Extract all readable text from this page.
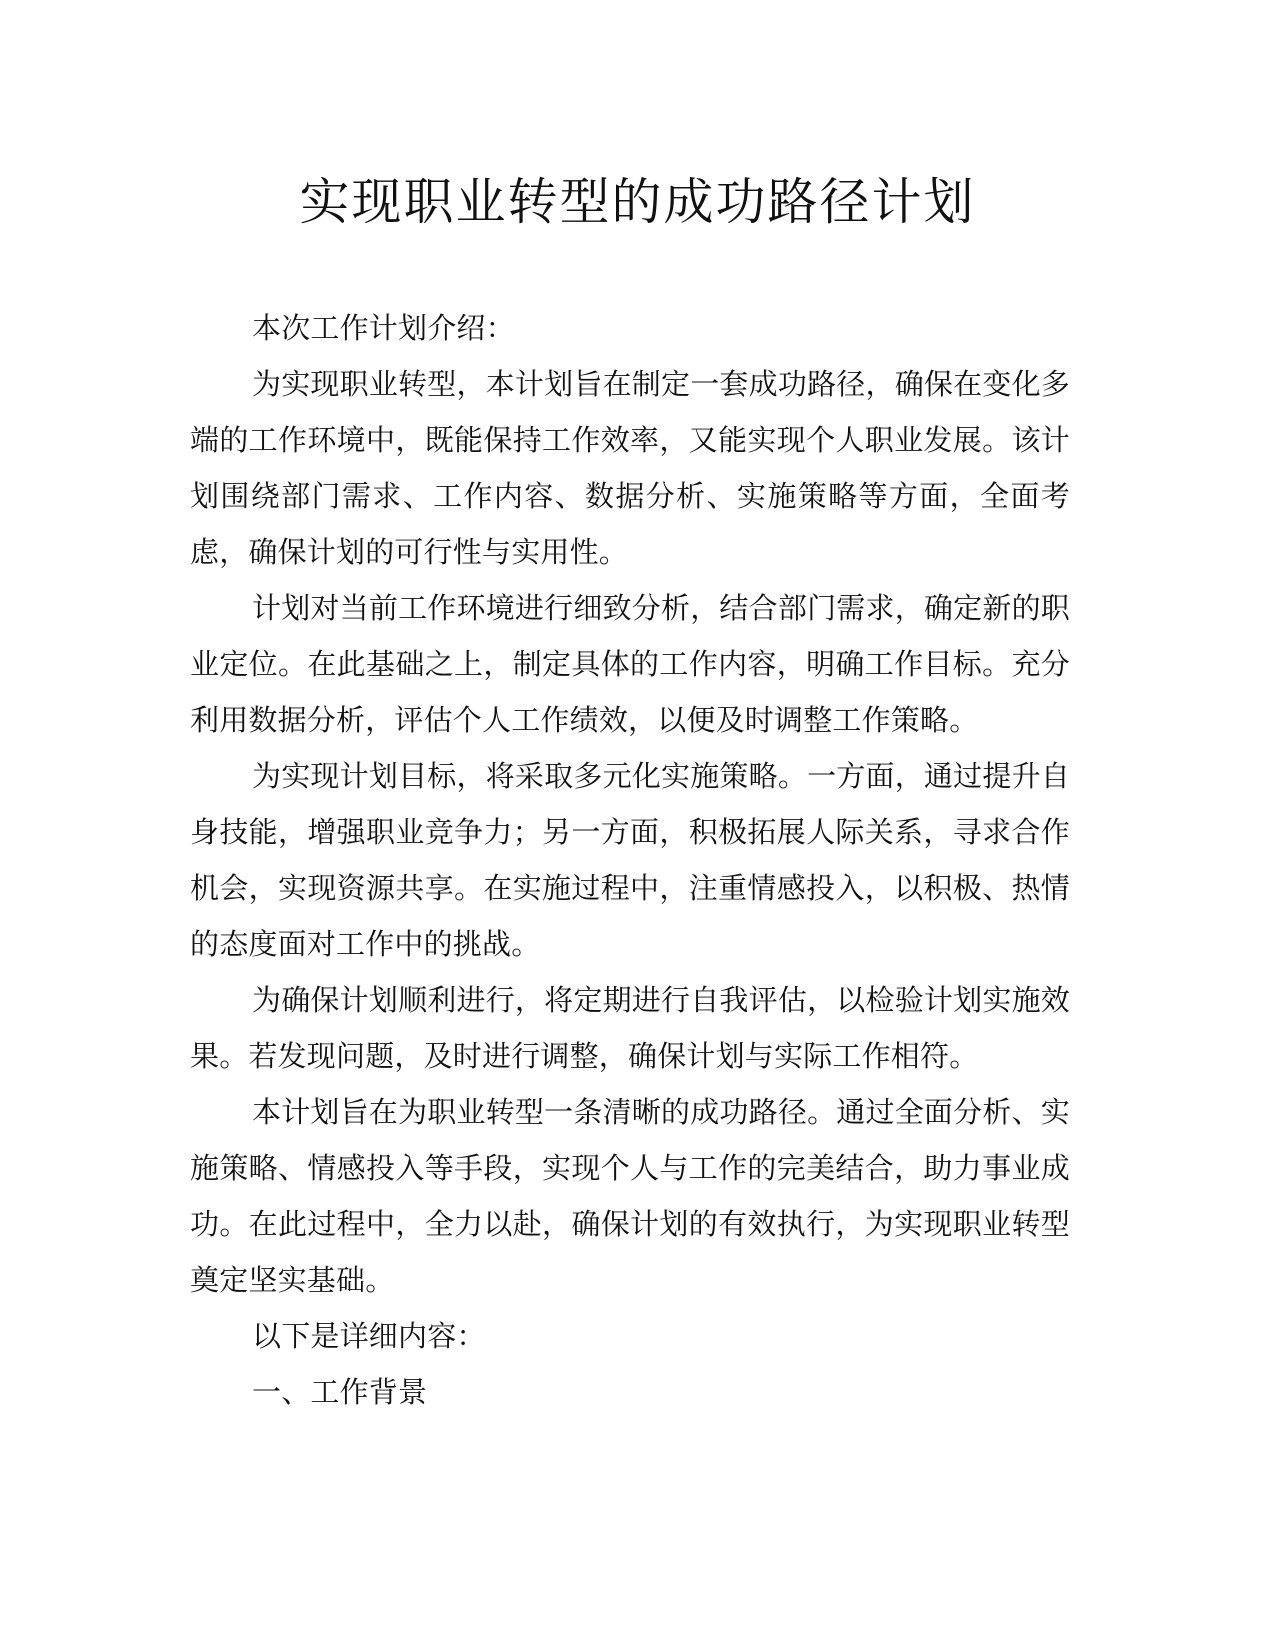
实现职业转型的成功路径计划

本次工作计划介绍：

为实现职业转型，本计划旨在制定一套成功路径，确保在变化多端的工作环境中，既能保持工作效率，又能实现个人职业发展。该计划围绕部门需求、工作内容、数据分析、实施策略等方面，全面考虑，确保计划的可行性与实用性。

计划对当前工作环境进行细致分析，结合部门需求，确定新的职业定位。在此基础之上，制定具体的工作内容，明确工作目标。充分利用数据分析，评估个人工作绩效，以便及时调整工作策略。

为实现计划目标，将采取多元化实施策略。一方面，通过提升自身技能，增强职业竞争力；另一方面，积极拓展人际关系，寻求合作机会，实现资源共享。在实施过程中，注重情感投入，以积极、热情的态度面对工作中的挑战。

为确保计划顺利进行，将定期进行自我评估，以检验计划实施效果。若发现问题，及时进行调整，确保计划与实际工作相符。

本计划旨在为职业转型一条清晰的成功路径。通过全面分析、实施策略、情感投入等手段，实现个人与工作的完美结合，助力事业成功。在此过程中，全力以赴，确保计划的有效执行，为实现职业转型奠定坚实基础。

以下是详细内容：

一、工作背景
